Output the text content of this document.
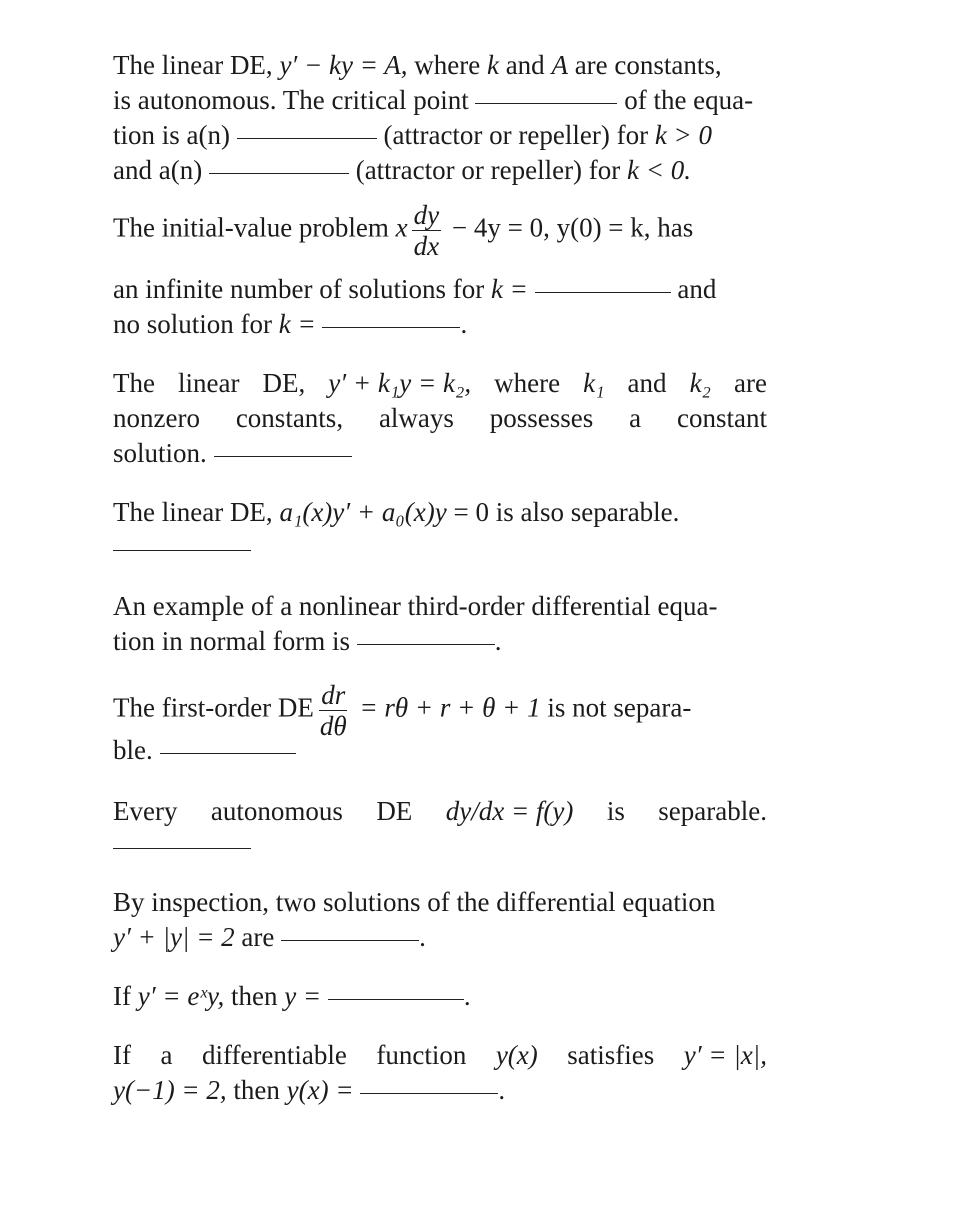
The linear DE, y′ − ky = A, where k and A are constants,
is autonomous. The critical point	of the equa-
tion is a(n)	(attractor or repeller) for k > 0
and a(n)	(attractor or repeller) for k < 0.
The initial-value problem x $\frac{dy}{dx} - 4y = 0$, y(0) = k, has
an infinite number of solutions for k =	and
no solution for k =	.
The linear DE, y′ + k₁y = k₂, where k₁ and k₂ are
nonzero constants, always possesses a constant
solution.
The linear DE, a₁(x)y′ + a₀(x)y = 0 is also separable.
An example of a nonlinear third-order differential equa-
tion in normal form is	.
The first-order DE $\frac{dr}{d\theta} = r\theta + r + \theta + 1$ is not separa-
ble.
Every autonomous DE dy/dx = f(y) is separable.
By inspection, two solutions of the differential equation
y′ + |y| = 2 are	.
If y′ = eˣy, then y =	.
If a differentiable function y(x) satisfies y′ = |x|,
y(−1) = 2, then y(x) =	.
